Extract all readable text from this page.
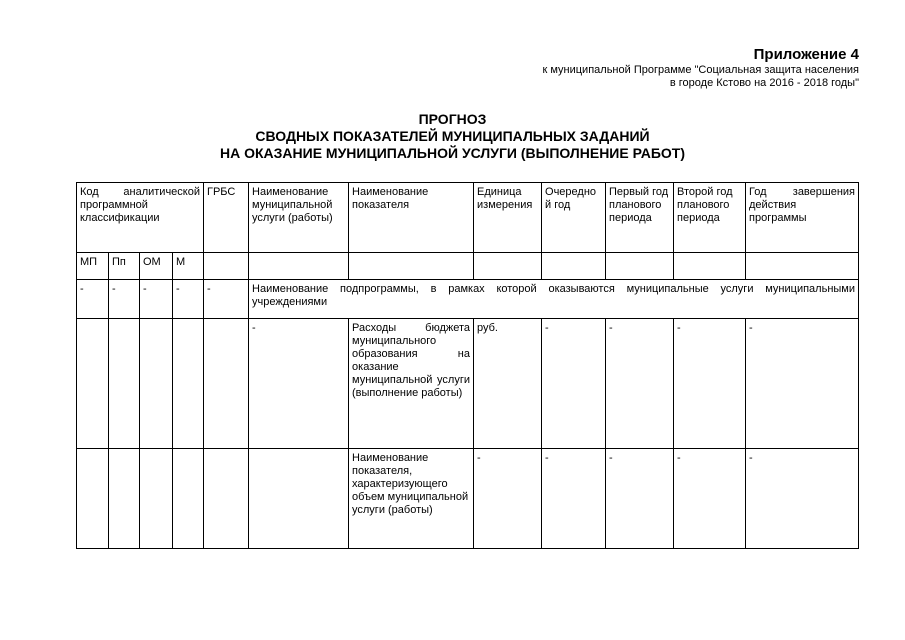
Приложение 4
к муниципальной Программе "Социальная защита населения
в городе Кстово на 2016 - 2018 годы"
ПРОГНОЗ
СВОДНЫХ ПОКАЗАТЕЛЕЙ МУНИЦИПАЛЬНЫХ ЗАДАНИЙ
НА ОКАЗАНИЕ МУНИЦИПАЛЬНОЙ УСЛУГИ (ВЫПОЛНЕНИЕ РАБОТ)
Код аналитической программной классификации				ГРБС	Наименование муниципальной услуги (работы)	Наименование показателя	Единица измерения	Очередной год	Первый год планового периода	Второй год планового периода	Год завершения действия программы
МП	Пп	ОМ	М								
-	-	-	-	-	Наименование подпрограммы, в рамках которой оказываются муниципальные услуги муниципальными учреждениями						
					-	Расходы бюджета муниципального образования на оказание муниципальной услуги (выполнение работы)	руб.	-	-	-	-
						Наименование показателя, характеризующего объем муниципальной услуги (работы)	-	-	-	-	-
